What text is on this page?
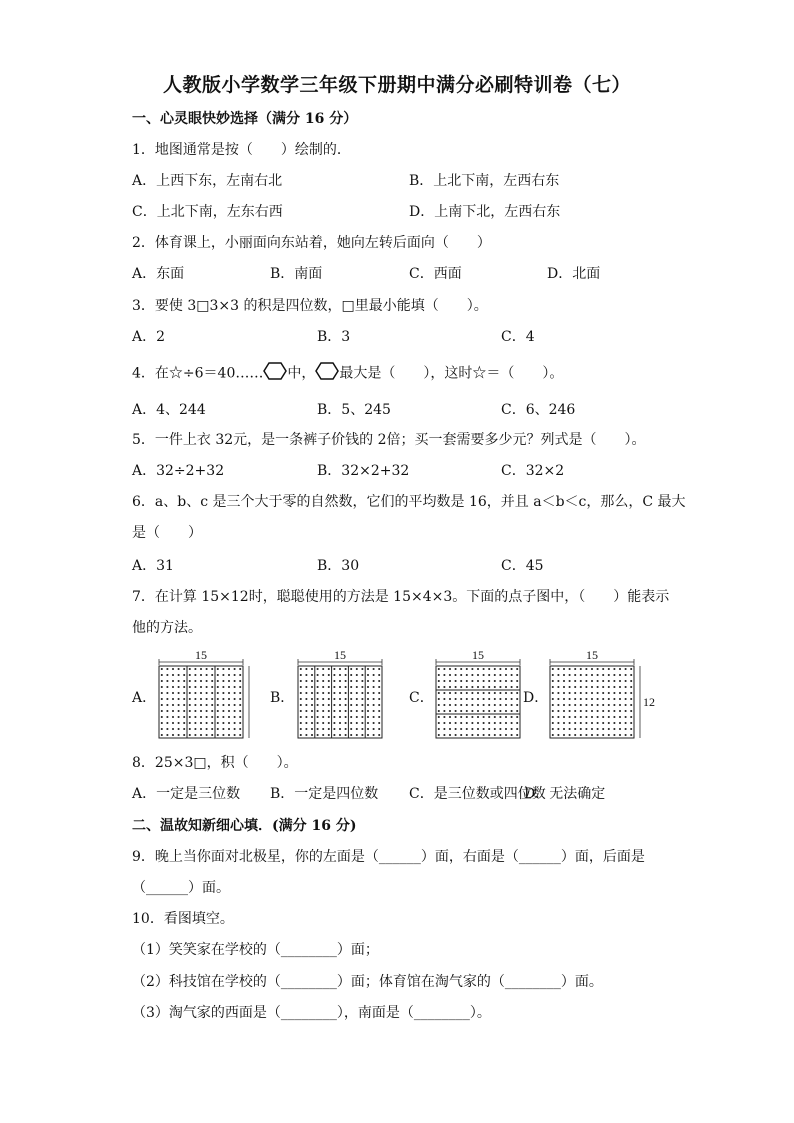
人教版小学数学三年级下册期中满分必刷特训卷（七）
一、心灵眼快妙选择（满分 16 分）
1．地图通常是按（　　）绘制的．
A．上西下东，左南右北	B．上北下南，左西右东
C．上北下南，左东右西	D．上南下北，左西右东
2．体育课上，小丽面向东站着，她向左转后面向（　　）
A．东面	B．南面	C．西面	D．北面
3．要使 3□3×3 的积是四位数，□里最小能填（　　）。
A．2	B．3	C．4
4．在☆÷6＝40…… 中， 最大是（　　），这时☆＝（　　）。
A．4、244	B．5、245	C．6、246
5．一件上衣 32元，是一条裤子价钱的 2倍；买一套需要多少元？列式是（　　）。
A．32÷2+32	B．32×2+32	C．32×2
6．a、b、c 是三个大于零的自然数，它们的平均数是 16，并且 a＜b＜c，那么，C 最大
是（　　）
A．31	B．30	C．45
7．在计算 15×12时，聪聪使用的方法是 15×4×3。下面的点子图中，（　　）能表示
他的方法。
A．	B．	C．	D．
15	15	15	15
12
8．25×3□，积（　　）。
A．一定是三位数 B．一定是四位数 C．是三位数或四位数
D．无法确定
二、温故知新细心填．(满分 16 分)
9．晚上当你面对北极星，你的左面是（______）面，右面是（______）面，后面是
（______）面。
10．看图填空。
（1）笑笑家在学校的（________）面；
（2）科技馆在学校的（________）面；体育馆在淘气家的（________）面。
（3）淘气家的西面是（________），南面是（________）。
